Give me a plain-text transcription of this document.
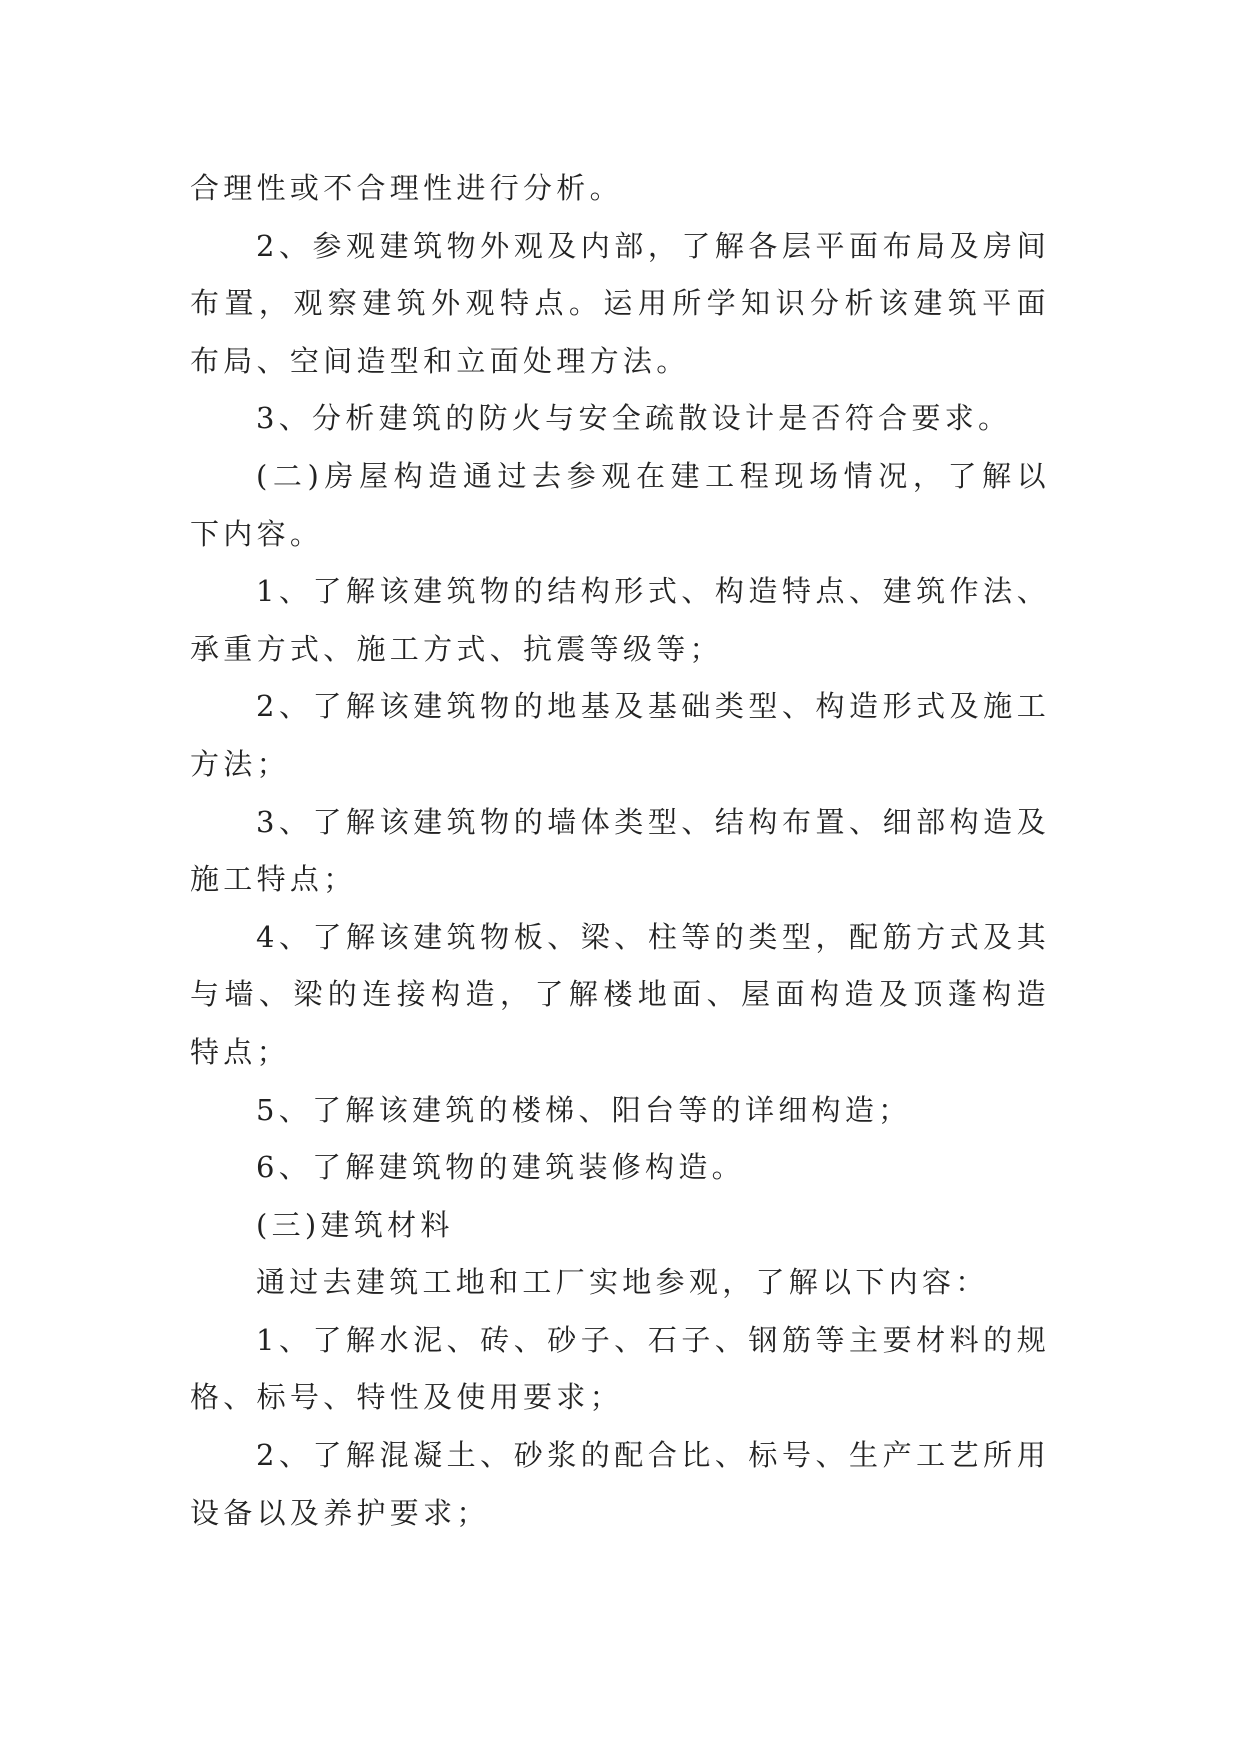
合理性或不合理性进行分析。

2、参观建筑物外观及内部，了解各层平面布局及房间布置，观察建筑外观特点。运用所学知识分析该建筑平面布局、空间造型和立面处理方法。

3、分析建筑的防火与安全疏散设计是否符合要求。

(二)房屋构造通过去参观在建工程现场情况，了解以下内容。

1、了解该建筑物的结构形式、构造特点、建筑作法、承重方式、施工方式、抗震等级等；

2、了解该建筑物的地基及基础类型、构造形式及施工方法；

3、了解该建筑物的墙体类型、结构布置、细部构造及施工特点；

4、了解该建筑物板、梁、柱等的类型，配筋方式及其与墙、梁的连接构造，了解楼地面、屋面构造及顶蓬构造特点；

5、了解该建筑的楼梯、阳台等的详细构造；

6、了解建筑物的建筑装修构造。

(三)建筑材料

通过去建筑工地和工厂实地参观，了解以下内容：

1、了解水泥、砖、砂子、石子、钢筋等主要材料的规格、标号、特性及使用要求；

2、了解混凝土、砂浆的配合比、标号、生产工艺所用设备以及养护要求；
